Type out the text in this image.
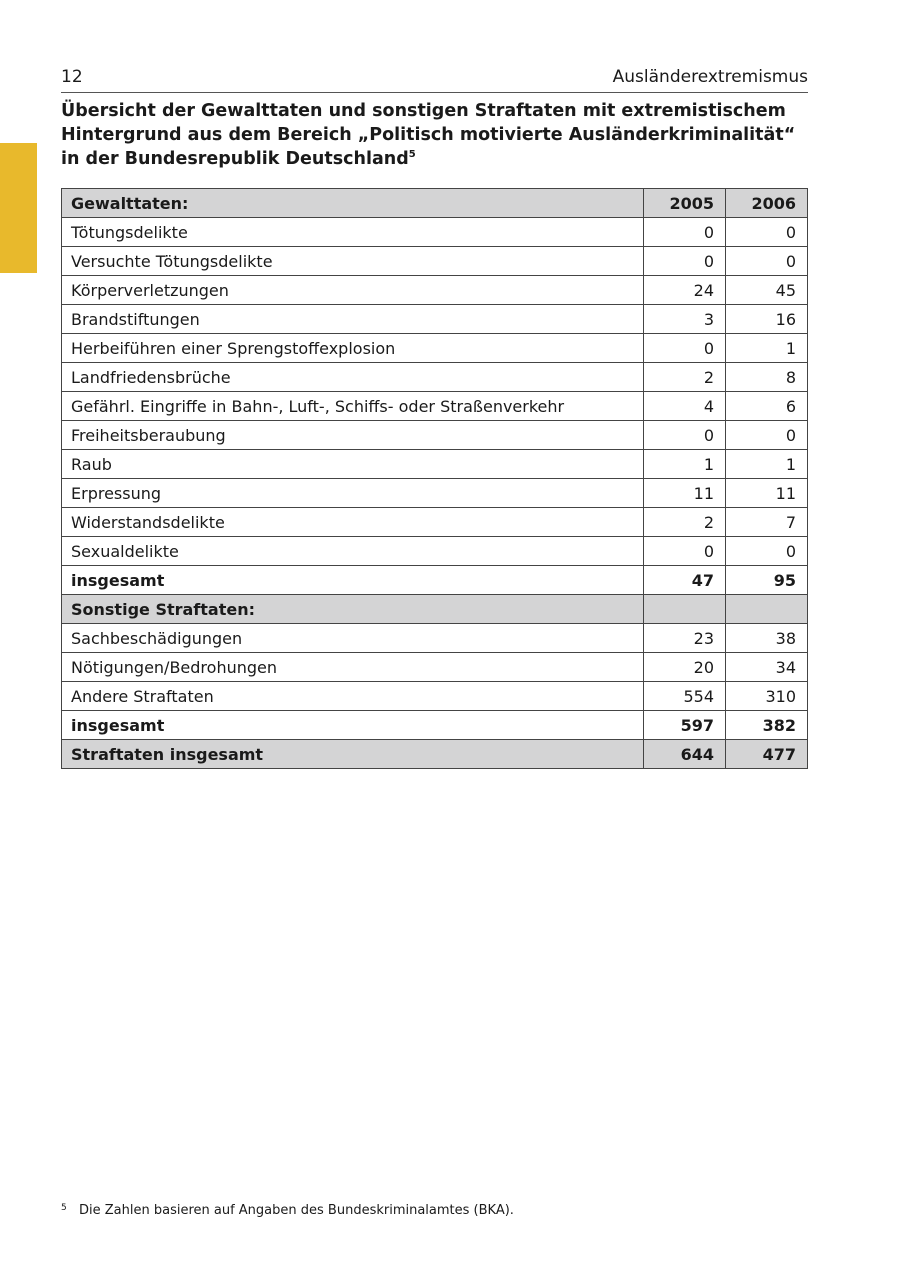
12	Ausländerextremismus
Übersicht der Gewalttaten und sonstigen Straftaten mit extremistischem
Hintergrund aus dem Bereich „Politisch motivierte Ausländerkriminalität“
in der Bundesrepublik Deutschland$^5$
Gewalttaten:	2005	2006
Tötungsdelikte	0	0
Versuchte Tötungsdelikte	0	0
Körperverletzungen	24	45
Brandstiftungen	3	16
Herbeiführen einer Sprengstoffexplosion	0	1
Landfriedensbrüche	2	8
Gefährl. Eingriffe in Bahn-, Luft-, Schiffs- oder Straßenverkehr	4	6
Freiheitsberaubung	0	0
Raub	1	1
Erpressung	11	11
Widerstandsdelikte	2	7
Sexualdelikte	0	0
insgesamt	47	95
Sonstige Straftaten:		
Sachbeschädigungen	23	38
Nötigungen/Bedrohungen	20	34
Andere Straftaten	554	310
insgesamt	597	382
Straftaten insgesamt	644	477
5 Die Zahlen basieren auf Angaben des Bundeskriminalamtes (BKA).
